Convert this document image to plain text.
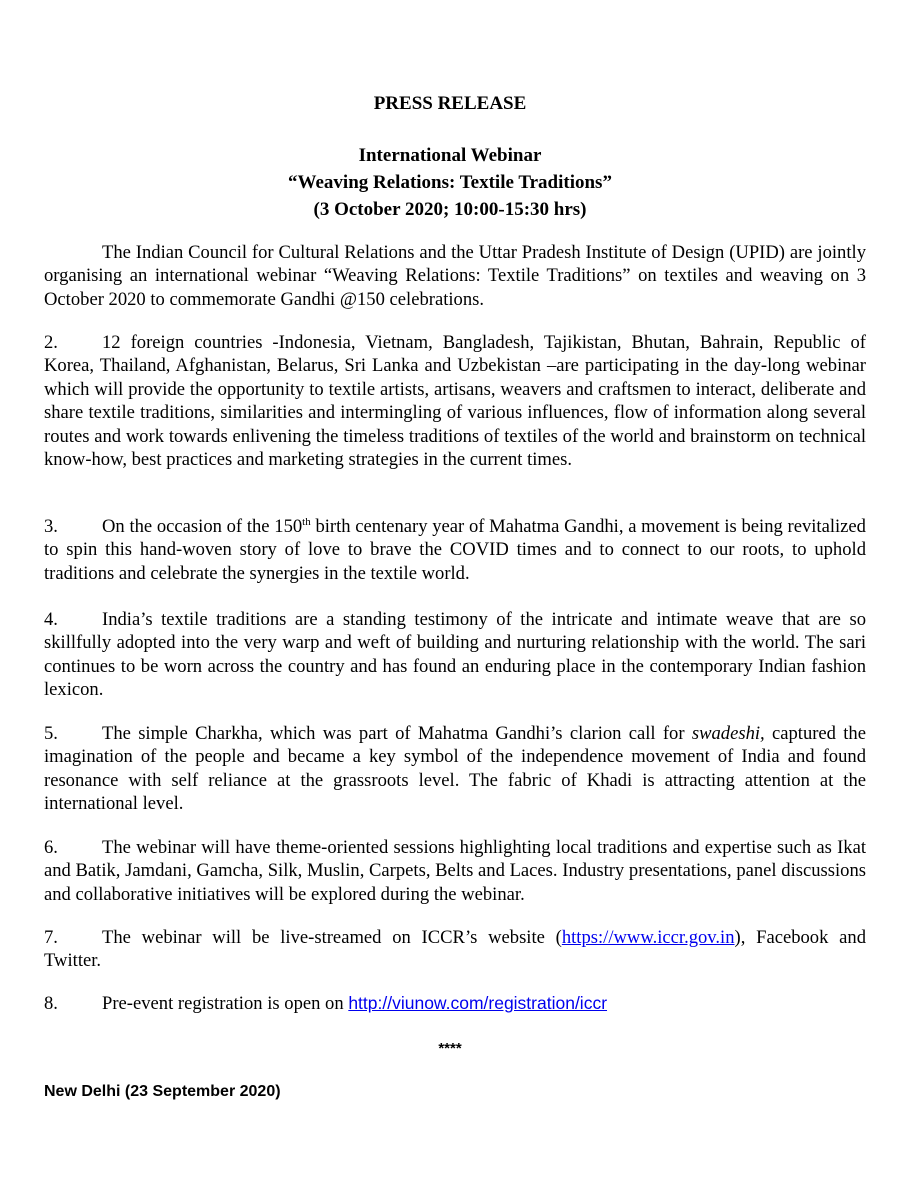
PRESS RELEASE
International Webinar
“Weaving Relations: Textile Traditions”
(3 October 2020; 10:00-15:30 hrs)

The Indian Council for Cultural Relations and the Uttar Pradesh Institute of Design (UPID) are jointly organising an international webinar “Weaving Relations: Textile Traditions” on textiles and weaving on 3 October 2020 to commemorate Gandhi @150 celebrations.

2. 12 foreign countries -Indonesia, Vietnam, Bangladesh, Tajikistan, Bhutan, Bahrain, Republic of Korea, Thailand, Afghanistan, Belarus, Sri Lanka and Uzbekistan –are participating in the day-long webinar which will provide the opportunity to textile artists, artisans, weavers and craftsmen to interact, deliberate and share textile traditions, similarities and intermingling of various influences, flow of information along several routes and work towards enlivening the timeless traditions of textiles of the world and brainstorm on technical know-how, best practices and marketing strategies in the current times.

3. On the occasion of the 150th birth centenary year of Mahatma Gandhi, a movement is being revitalized to spin this hand-woven story of love to brave the COVID times and to connect to our roots, to uphold traditions and celebrate the synergies in the textile world.

4. India’s textile traditions are a standing testimony of the intricate and intimate weave that are so skillfully adopted into the very warp and weft of building and nurturing relationship with the world. The sari continues to be worn across the country and has found an enduring place in the contemporary Indian fashion lexicon.

5. The simple Charkha, which was part of Mahatma Gandhi’s clarion call for swadeshi, captured the imagination of the people and became a key symbol of the independence movement of India and found resonance with self reliance at the grassroots level. The fabric of Khadi is attracting attention at the international level.

6. The webinar will have theme-oriented sessions highlighting local traditions and expertise such as Ikat and Batik, Jamdani, Gamcha, Silk, Muslin, Carpets, Belts and Laces. Industry presentations, panel discussions and collaborative initiatives will be explored during the webinar.

7. The webinar will be live-streamed on ICCR’s website (https://www.iccr.gov.in), Facebook and Twitter.

8. Pre-event registration is open on http://viunow.com/registration/iccr

****
New Delhi (23 September 2020)
